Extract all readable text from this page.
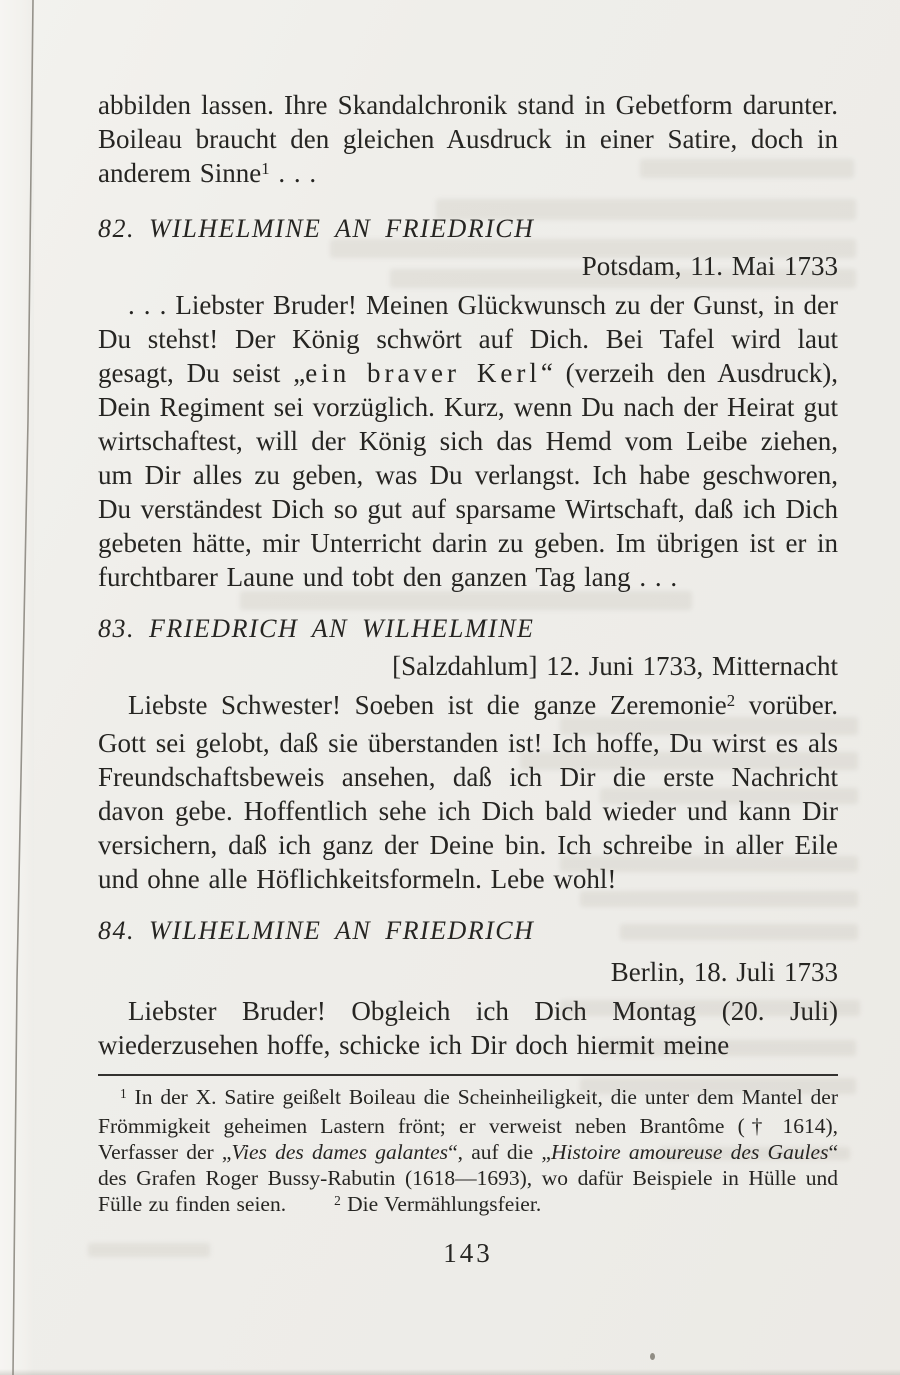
abbilden lassen. Ihre Skandalchronik stand in Gebetform darunter. Boileau braucht den gleichen Ausdruck in einer Satire, doch in anderem Sinne$^1$ . . .

82. WILHELMINE AN FRIEDRICH

Potsdam, 11. Mai 1733

. . . Liebster Bruder! Meinen Glückwunsch zu der Gunst, in der Du stehst! Der König schwört auf Dich. Bei Tafel wird laut gesagt, Du seist „ein braver Kerl“ (verzeih den Ausdruck), Dein Regiment sei vorzüglich. Kurz, wenn Du nach der Heirat gut wirtschaftest, will der König sich das Hemd vom Leibe ziehen, um Dir alles zu geben, was Du verlangst. Ich habe geschworen, Du verständest Dich so gut auf sparsame Wirtschaft, daß ich Dich gebeten hätte, mir Unterricht darin zu geben. Im übrigen ist er in furchtbarer Laune und tobt den ganzen Tag lang . . .

83. FRIEDRICH AN WILHELMINE

[Salzdahlum] 12. Juni 1733, Mitternacht

Liebste Schwester! Soeben ist die ganze Zeremonie$^2$ vorüber. Gott sei gelobt, daß sie überstanden ist! Ich hoffe, Du wirst es als Freundschaftsbeweis ansehen, daß ich Dir die erste Nachricht davon gebe. Hoffentlich sehe ich Dich bald wieder und kann Dir versichern, daß ich ganz der Deine bin. Ich schreibe in aller Eile und ohne alle Höflichkeitsformeln. Lebe wohl!

84. WILHELMINE AN FRIEDRICH

Berlin, 18. Juli 1733

Liebster Bruder! Obgleich ich Dich Montag (20. Juli) wiederzusehen hoffe, schicke ich Dir doch hiermit meine

$^1$ In der X. Satire geißelt Boileau die Scheinheiligkeit, die unter dem Mantel der Frömmigkeit geheimen Lastern frönt; er verweist neben Brantôme († 1614), Verfasser der „Vies des dames galantes“, auf die „Histoire amoureuse des Gaules“ des Grafen Roger Bussy-Rabutin (1618—1693), wo dafür Beispiele in Hülle und Fülle zu finden seien.	$^2$ Die Vermählungsfeier.

143
